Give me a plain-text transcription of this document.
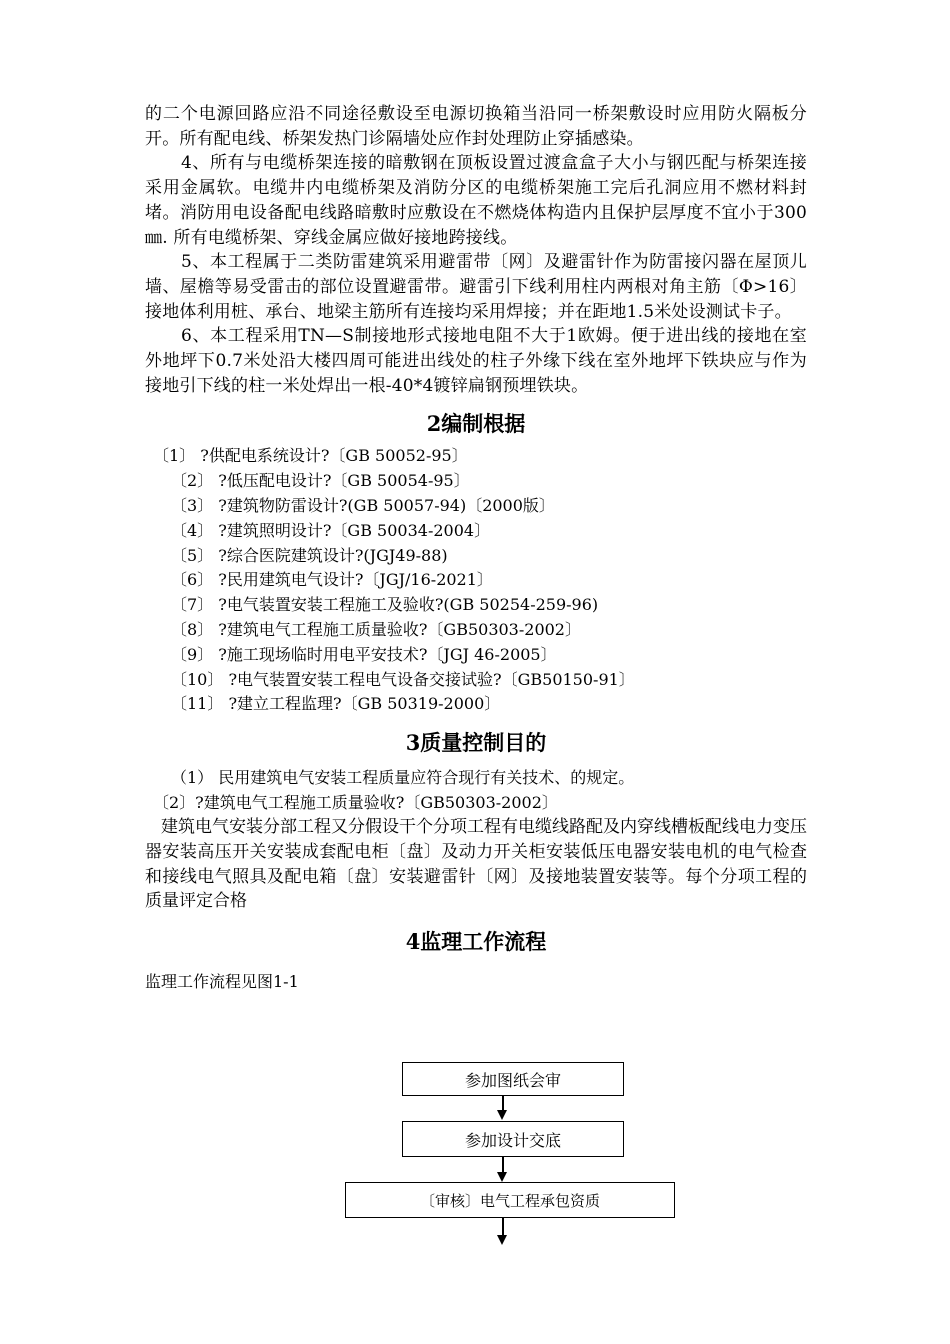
的二个电源回路应沿不同途径敷设至电源切换箱当沿同一桥架敷设时应用防火隔板分开。所有配电线、桥架发热门诊隔墙处应作封处理防止穿插感染。

4、所有与电缆桥架连接的暗敷钢在顶板设置过渡盒盒子大小与钢匹配与桥架连接采用金属软。电缆井内电缆桥架及消防分区的电缆桥架施工完后孔洞应用不燃材料封堵。消防用电设备配电线路暗敷时应敷设在不燃烧体构造内且保护层厚度不宜小于300㎜. 所有电缆桥架、穿线金属应做好接地跨接线。

5、本工程属于二类防雷建筑采用避雷带〔网〕及避雷针作为防雷接闪器在屋顶儿墙、屋檐等易受雷击的部位设置避雷带。避雷引下线利用柱内两根对角主筋〔Φ>16〕接地体利用桩、承台、地梁主筋所有连接均采用焊接；并在距地1.5米处设测试卡子。

6、本工程采用TN—S制接地形式接地电阻不大于1欧姆。便于进出线的接地在室外地坪下0.7米处沿大楼四周可能进出线处的柱子外缘下线在室外地坪下铁块应与作为接地引下线的柱一米处焊出一根-40*4镀锌扁钢预埋铁块。

2编制根据
〔1〕 ?供配电系统设计?〔GB 50052-95〕
〔2〕 ?低压配电设计?〔GB 50054-95〕
〔3〕 ?建筑物防雷设计?(GB 50057-94)〔2000版〕
〔4〕 ?建筑照明设计?〔GB 50034-2004〕
〔5〕 ?综合医院建筑设计?(JGJ49-88)
〔6〕 ?民用建筑电气设计?〔JGJ/16-2021〕
〔7〕 ?电气装置安装工程施工及验收?(GB 50254-259-96)
〔8〕 ?建筑电气工程施工质量验收?〔GB50303-2002〕
〔9〕 ?施工现场临时用电平安技术?〔JGJ 46-2005〕
〔10〕 ?电气装置安装工程电气设备交接试验?〔GB50150-91〕
〔11〕 ?建立工程监理?〔GB 50319-2000〕
3质量控制目的
（1） 民用建筑电气安装工程质量应符合现行有关技术、的规定。
〔2〕?建筑电气工程施工质量验收?〔GB50303-2002〕

建筑电气安装分部工程又分假设干个分项工程有电缆线路配及内穿线槽板配线电力变压器安装高压开关安装成套配电柜〔盘〕及动力开关柜安装低压电器安装电机的电气检查和接线电气照具及配电箱〔盘〕安装避雷针〔网〕及接地装置安装等。每个分项工程的质量评定合格

4监理工作流程
监理工作流程见图1-1
参加图纸会审
参加设计交底
〔审核〕电气工程承包资质
